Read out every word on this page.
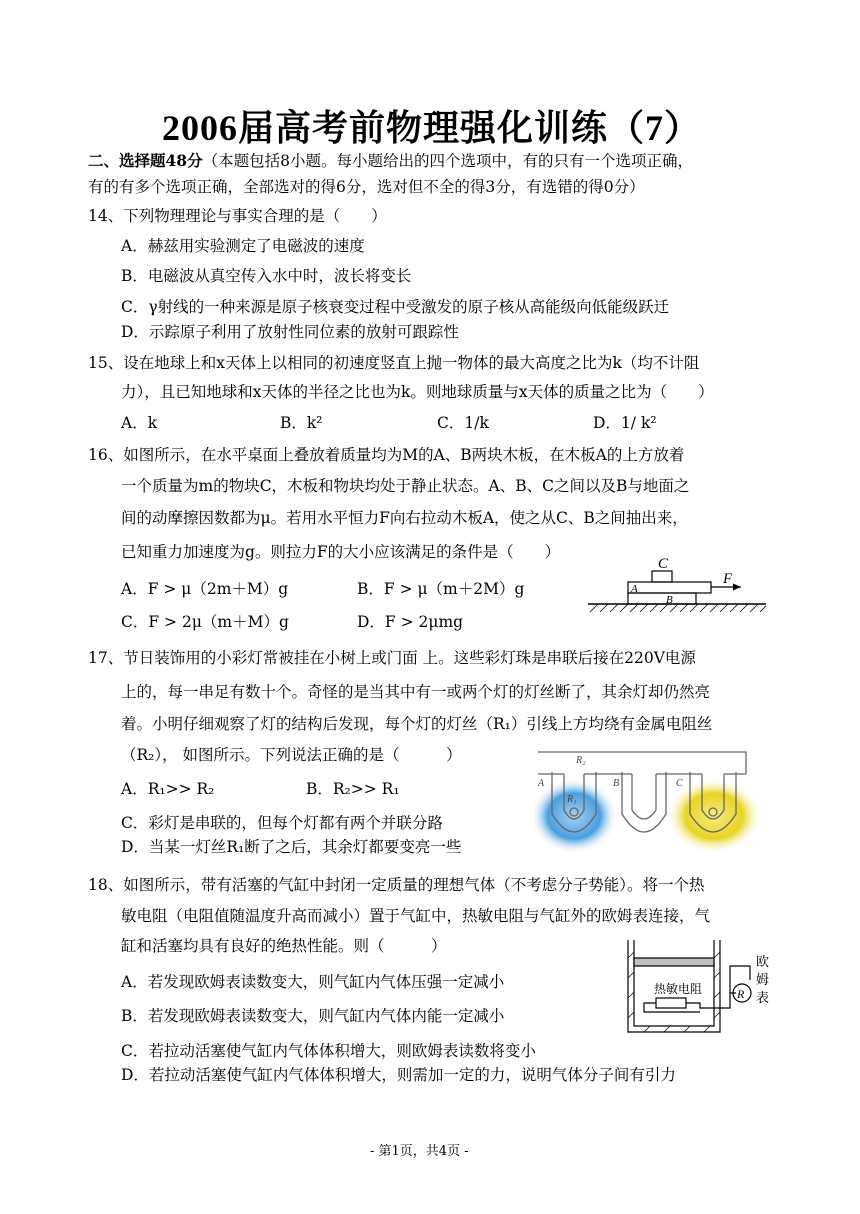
2006届高考前物理强化训练（7）
二、选择题48分（本题包括8小题。每小题给出的四个选项中，有的只有一个选项正确，
有的有多个选项正确，全部选对的得6分，选对但不全的得3分，有选错的得0分）
14、下列物理理论与事实合理的是（　　）
A．赫兹用实验测定了电磁波的速度
B．电磁波从真空传入水中时，波长将变长
C．γ射线的一种来源是原子核衰变过程中受激发的原子核从高能级向低能级跃迁
D．示踪原子利用了放射性同位素的放射可跟踪性
15、设在地球上和x天体上以相同的初速度竖直上抛一物体的最大高度之比为k（均不计阻
力），且已知地球和x天体的半径之比也为k。则地球质量与x天体的质量之比为（　　）
A．k	B．k²	C．1/k	D．1/ k²
16、如图所示，在水平桌面上叠放着质量均为M的A、B两块木板，在木板A的上方放着
一个质量为m的物块C，木板和物块均处于静止状态。A、B、C之间以及B与地面之
间的动摩擦因数都为μ。若用水平恒力F向右拉动木板A，使之从C、B之间抽出来，
已知重力加速度为g。则拉力F的大小应该满足的条件是（　　）
A．F > μ（2m＋M）g	B．F > μ（m＋2M）g
C．F > 2μ（m＋M）g	D．F > 2μmg
C
F
A
B
17、节日装饰用的小彩灯常被挂在小树上或门面 上。这些彩灯珠是串联后接在220V电源
上的，每一串足有数十个。奇怪的是当其中有一或两个灯的灯丝断了，其余灯却仍然亮
着。小明仔细观察了灯的结构后发现，每个灯的灯丝（R₁）引线上方均绕有金属电阻丝
（R₂）， 如图所示。下列说法正确的是（　　　）
A．R₁>> R₂	B．R₂>> R₁
C．彩灯是串联的，但每个灯都有两个并联分路
D．当某一灯丝R₁断了之后，其余灯都要变亮一些
R₂
R₁
A	B	C
18、如图所示，带有活塞的气缸中封闭一定质量的理想气体（不考虑分子势能）。将一个热
敏电阻（电阻值随温度升高而减小）置于气缸中，热敏电阻与气缸外的欧姆表连接，气
缸和活塞均具有良好的绝热性能。则（　　　）
A．若发现欧姆表读数变大，则气缸内气体压强一定减小
B．若发现欧姆表读数变大，则气缸内气体内能一定减小
C．若拉动活塞使气缸内气体体积增大，则欧姆表读数将变小
D．若拉动活塞使气缸内气体体积增大，则需加一定的力，说明气体分子间有引力
热敏电阻	R
欧
姆
表
- 第1页，共4页 -
